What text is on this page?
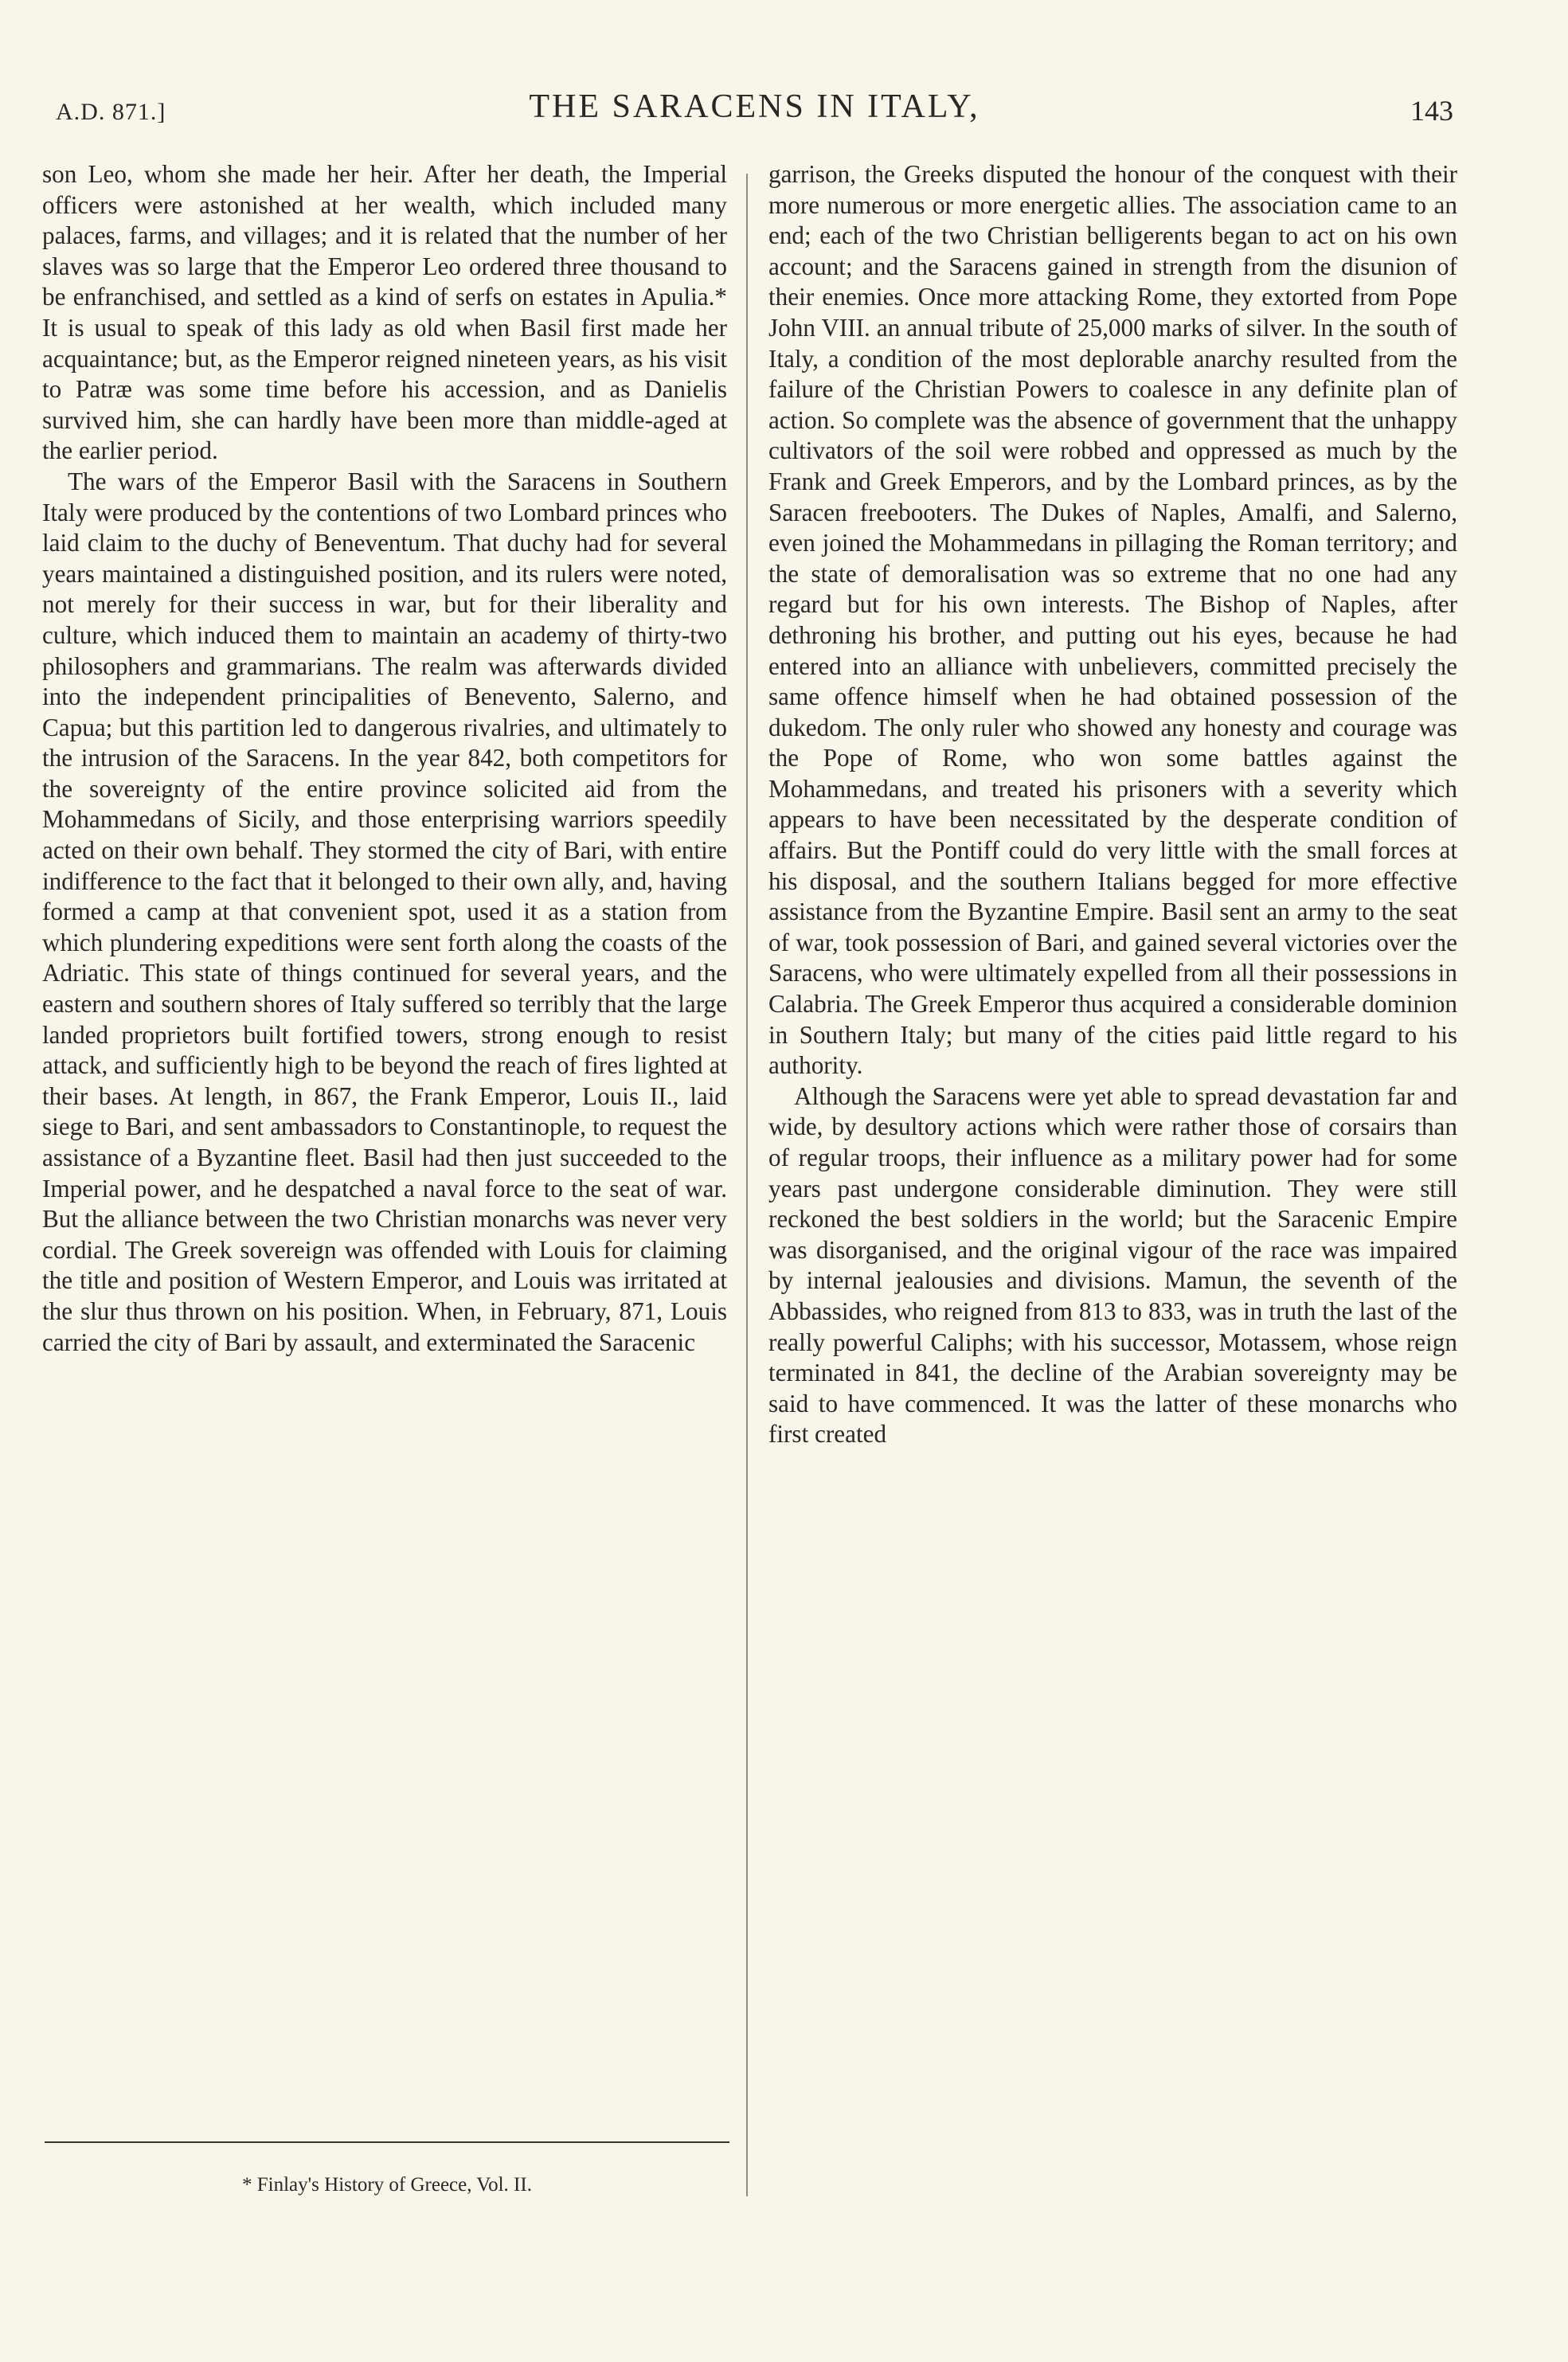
A.D. 871.]	THE SARACENS IN ITALY,	143

son Leo, whom she made her heir. After her death, the Imperial officers were astonished at her wealth, which included many palaces, farms, and villages; and it is related that the number of her slaves was so large that the Emperor Leo ordered three thousand to be enfranchised, and settled as a kind of serfs on estates in Apulia.* It is usual to speak of this lady as old when Basil first made her acquaintance; but, as the Emperor reigned nineteen years, as his visit to Patræ was some time before his accession, and as Danielis survived him, she can hardly have been more than middle-aged at the earlier period.

The wars of the Emperor Basil with the Saracens in Southern Italy were produced by the contentions of two Lombard princes who laid claim to the duchy of Beneventum. That duchy had for several years maintained a distinguished position, and its rulers were noted, not merely for their success in war, but for their liberality and culture, which induced them to maintain an academy of thirty-two philosophers and grammarians. The realm was afterwards divided into the independent principalities of Benevento, Salerno, and Capua; but this partition led to dangerous rivalries, and ultimately to the intrusion of the Saracens. In the year 842, both competitors for the sovereignty of the entire province solicited aid from the Mohammedans of Sicily, and those enterprising warriors speedily acted on their own behalf. They stormed the city of Bari, with entire indifference to the fact that it belonged to their own ally, and, having formed a camp at that convenient spot, used it as a station from which plundering expeditions were sent forth along the coasts of the Adriatic. This state of things continued for several years, and the eastern and southern shores of Italy suffered so terribly that the large landed proprietors built fortified towers, strong enough to resist attack, and sufficiently high to be beyond the reach of fires lighted at their bases. At length, in 867, the Frank Emperor, Louis II., laid siege to Bari, and sent ambassadors to Constantinople, to request the assistance of a Byzantine fleet. Basil had then just succeeded to the Imperial power, and he despatched a naval force to the seat of war. But the alliance between the two Christian monarchs was never very cordial. The Greek sovereign was offended with Louis for claiming the title and position of Western Emperor, and Louis was irritated at the slur thus thrown on his position. When, in February, 871, Louis carried the city of Bari by assault, and exterminated the Saracenic

garrison, the Greeks disputed the honour of the conquest with their more numerous or more energetic allies. The association came to an end; each of the two Christian belligerents began to act on his own account; and the Saracens gained in strength from the disunion of their enemies. Once more attacking Rome, they extorted from Pope John VIII. an annual tribute of 25,000 marks of silver. In the south of Italy, a condition of the most deplorable anarchy resulted from the failure of the Christian Powers to coalesce in any definite plan of action. So complete was the absence of government that the unhappy cultivators of the soil were robbed and oppressed as much by the Frank and Greek Emperors, and by the Lombard princes, as by the Saracen freebooters. The Dukes of Naples, Amalfi, and Salerno, even joined the Mohammedans in pillaging the Roman territory; and the state of demoralisation was so extreme that no one had any regard but for his own interests. The Bishop of Naples, after dethroning his brother, and putting out his eyes, because he had entered into an alliance with unbelievers, committed precisely the same offence himself when he had obtained possession of the dukedom. The only ruler who showed any honesty and courage was the Pope of Rome, who won some battles against the Mohammedans, and treated his prisoners with a severity which appears to have been necessitated by the desperate condition of affairs. But the Pontiff could do very little with the small forces at his disposal, and the southern Italians begged for more effective assistance from the Byzantine Empire. Basil sent an army to the seat of war, took possession of Bari, and gained several victories over the Saracens, who were ultimately expelled from all their possessions in Calabria. The Greek Emperor thus acquired a considerable dominion in Southern Italy; but many of the cities paid little regard to his authority.

Although the Saracens were yet able to spread devastation far and wide, by desultory actions which were rather those of corsairs than of regular troops, their influence as a military power had for some years past undergone considerable diminution. They were still reckoned the best soldiers in the world; but the Saracenic Empire was disorganised, and the original vigour of the race was impaired by internal jealousies and divisions. Mamun, the seventh of the Abbassides, who reigned from 813 to 833, was in truth the last of the really powerful Caliphs; with his successor, Motassem, whose reign terminated in 841, the decline of the Arabian sovereignty may be said to have commenced. It was the latter of these monarchs who first created

* Finlay's History of Greece, Vol. II.
